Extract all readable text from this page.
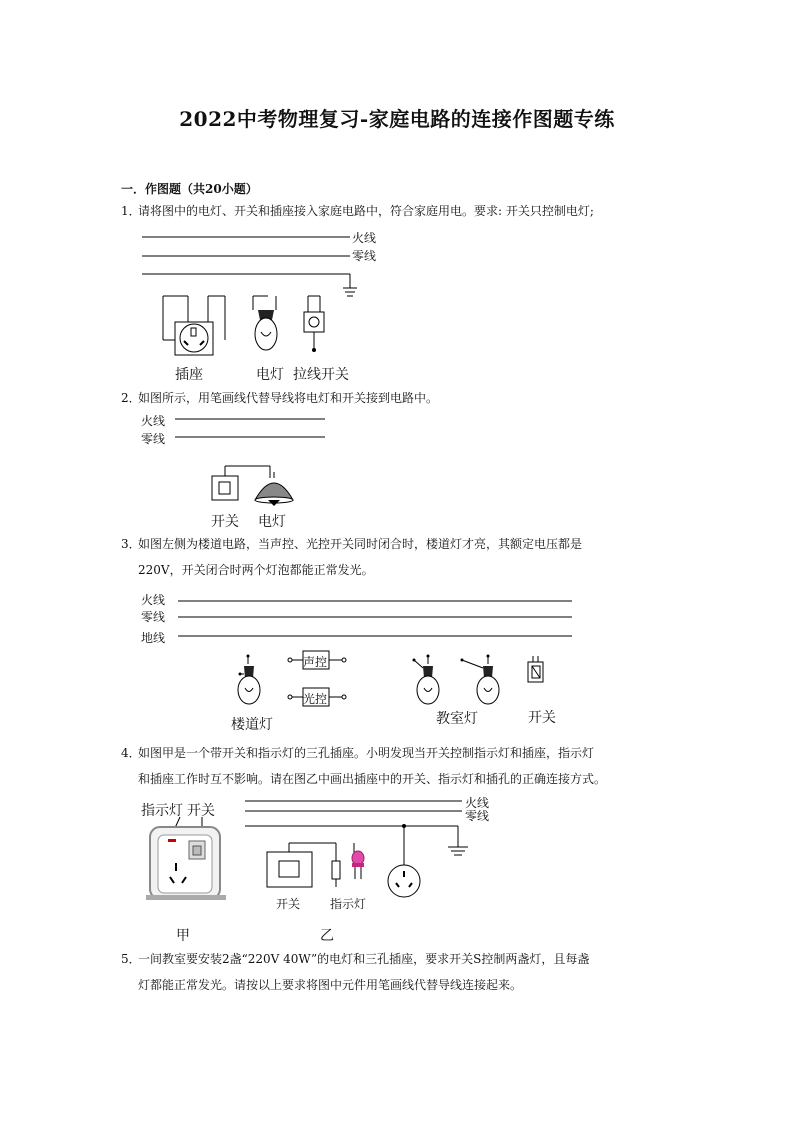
2022中考物理复习-家庭电路的连接作图题专练
一．作图题（共20小题）
1．请将图中的电灯、开关和插座接入家庭电路中，符合家庭用电。要求: 开关只控制电灯;
火线
零线
插座	电灯 拉线开关
2．如图所示，用笔画线代替导线将电灯和开关接到电路中。
火线
零线
开关 电灯
3．如图左侧为楼道电路，当声控、光控开关同时闭合时，楼道灯才亮，其额定电压都是
220V，开关闭合时两个灯泡都能正常发光。
火线
零线
地线
声控
光控
楼道灯	教室灯	开关
4．如图甲是一个带开关和指示灯的三孔插座。小明发现当开关控制指示灯和插座，指示灯
和插座工作时互不影响。请在图乙中画出插座中的开关、指示灯和插孔的正确连接方式。
指示灯 开关	火线
零线
开关 指示灯
甲	乙
5．一间教室要安装2盏“220V 40W”的电灯和三孔插座，要求开关S控制两盏灯，且每盏
灯都能正常发光。请按以上要求将图中元件用笔画线代替导线连接起来。
